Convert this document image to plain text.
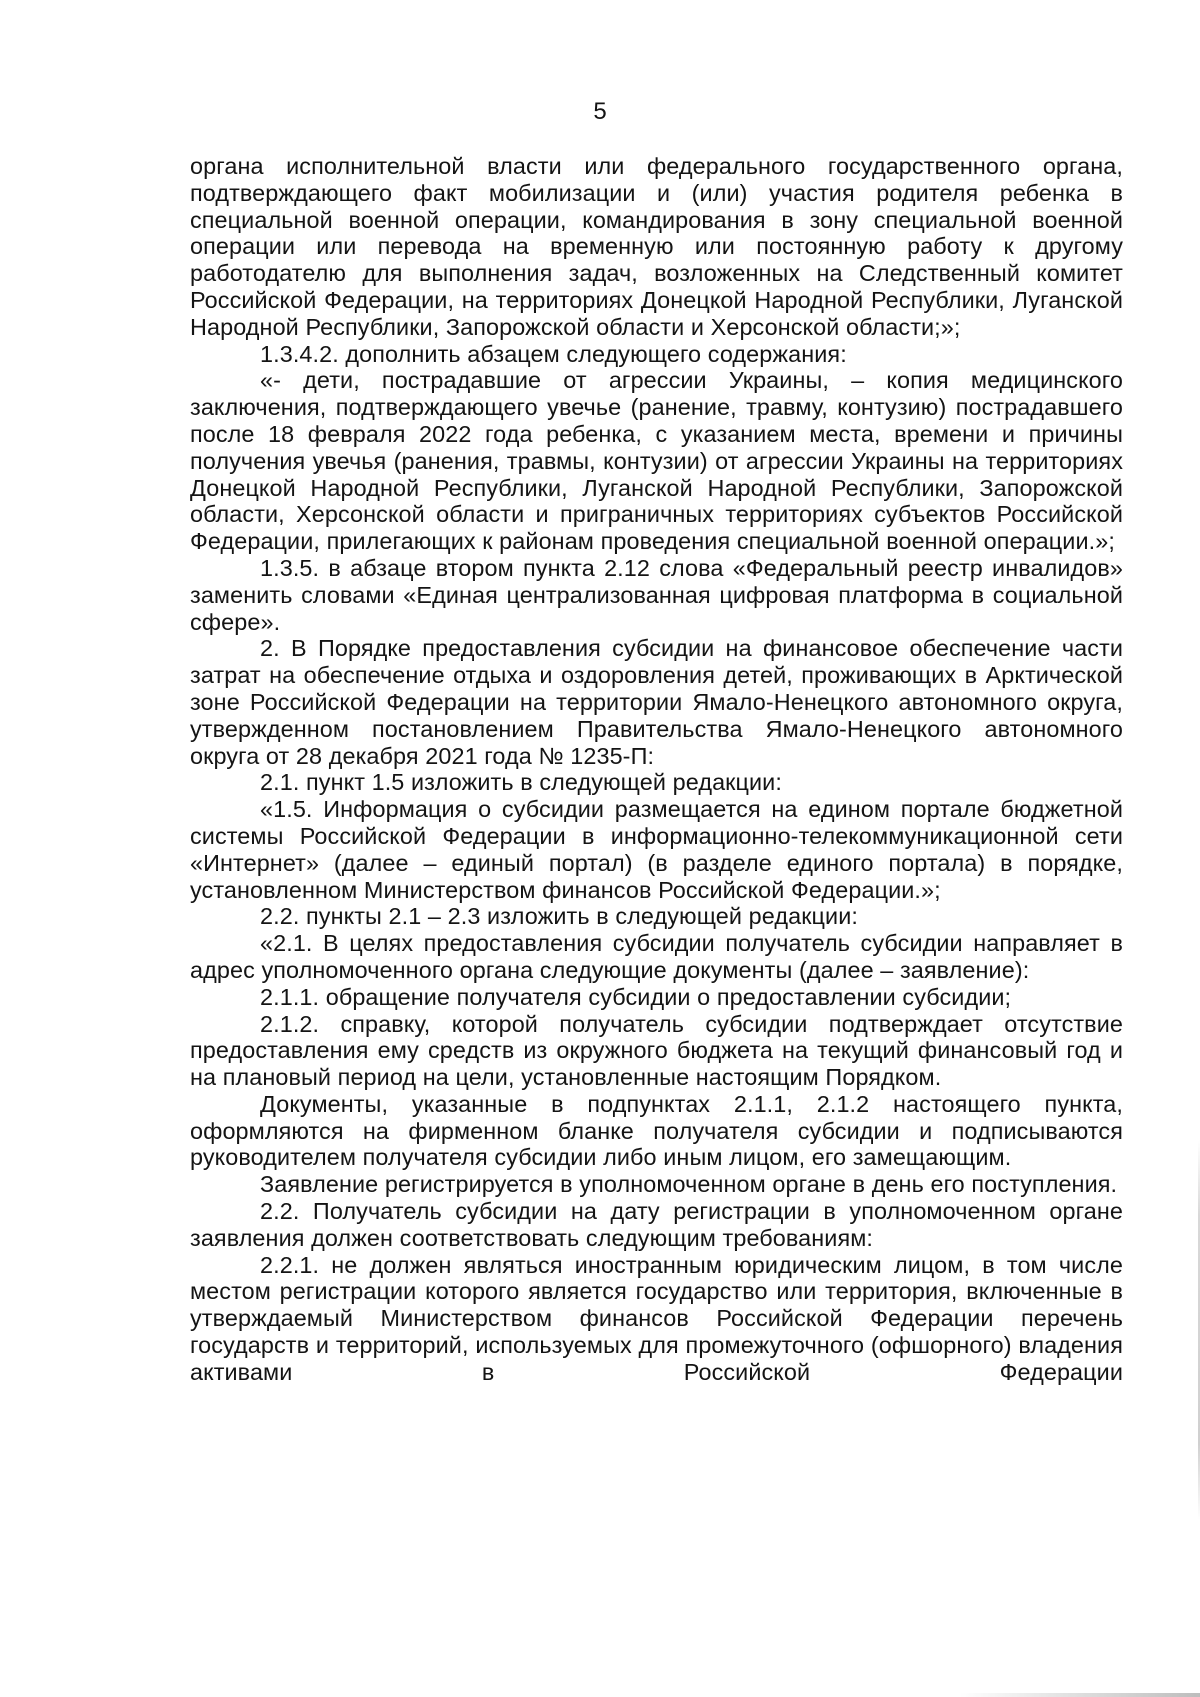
5

органа исполнительной власти или федерального государственного органа, подтверждающего факт мобилизации и (или) участия родителя ребенка в специальной военной операции, командирования в зону специальной военной операции или перевода на временную или постоянную работу к другому работодателю для выполнения задач, возложенных на Следственный комитет Российской Федерации, на территориях Донецкой Народной Республики, Луганской Народной Республики, Запорожской области и Херсонской области;»;

1.3.4.2. дополнить абзацем следующего содержания:

«- дети, пострадавшие от агрессии Украины, – копия медицинского заключения, подтверждающего увечье (ранение, травму, контузию) пострадавшего после 18 февраля 2022 года ребенка, с указанием места, времени и причины получения увечья (ранения, травмы, контузии) от агрессии Украины на территориях Донецкой Народной Республики, Луганской Народной Республики, Запорожской области, Херсонской области и приграничных территориях субъектов Российской Федерации, прилегающих к районам проведения специальной военной операции.»;

1.3.5. в абзаце втором пункта 2.12 слова «Федеральный реестр инвалидов» заменить словами «Единая централизованная цифровая платформа в социальной сфере».

2. В Порядке предоставления субсидии на финансовое обеспечение части затрат на обеспечение отдыха и оздоровления детей, проживающих в Арктической зоне Российской Федерации на территории Ямало-Ненецкого автономного округа, утвержденном постановлением Правительства Ямало-Ненецкого автономного округа от 28 декабря 2021 года № 1235-П:

2.1. пункт 1.5 изложить в следующей редакции:

«1.5. Информация о субсидии размещается на едином портале бюджетной системы Российской Федерации в информационно-телекоммуникационной сети «Интернет» (далее – единый портал) (в разделе единого портала) в порядке, установленном Министерством финансов Российской Федерации.»;

2.2. пункты 2.1 – 2.3 изложить в следующей редакции:

«2.1. В целях предоставления субсидии получатель субсидии направляет в адрес уполномоченного органа следующие документы (далее – заявление):

2.1.1. обращение получателя субсидии о предоставлении субсидии;

2.1.2. справку, которой получатель субсидии подтверждает отсутствие предоставления ему средств из окружного бюджета на текущий финансовый год и на плановый период на цели, установленные настоящим Порядком.

Документы, указанные в подпунктах 2.1.1, 2.1.2 настоящего пункта, оформляются на фирменном бланке получателя субсидии и подписываются руководителем получателя субсидии либо иным лицом, его замещающим.

Заявление регистрируется в уполномоченном органе в день его поступления.

2.2. Получатель субсидии на дату регистрации в уполномоченном органе заявления должен соответствовать следующим требованиям:

2.2.1. не должен являться иностранным юридическим лицом, в том числе местом регистрации которого является государство или территория, включенные в утверждаемый Министерством финансов Российской Федерации перечень государств и территорий, используемых для промежуточного (офшорного) владения активами в Российской Федерации
